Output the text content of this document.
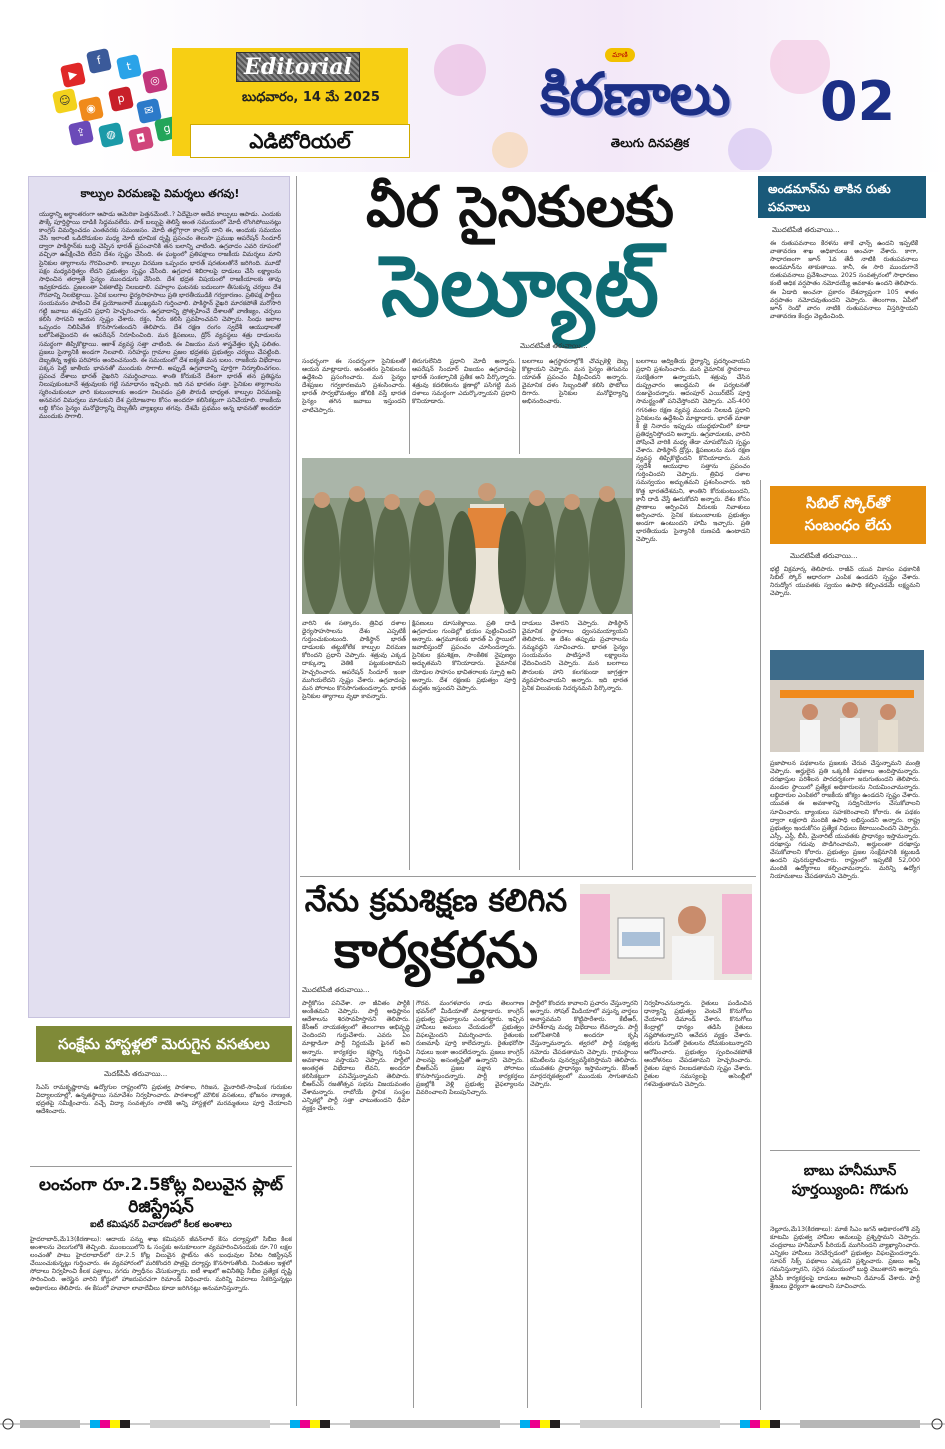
▶
f	t
◎
☺
◉
p
✉
⇪	◍	◘
g
Editorial
బుధవారం, 14 మే 2025
ఎడిటోరియల్
మాణి
కిరణాలు
తెలుగు దినపత్రిక
02
కాల్పుల విరమణపై విమర్శలు తగవు!
యుద్ధాన్ని అర్థాంతరంగా ఆపాడు అమెరికా పెత్తనమేంటి..? ఏదేమైనా అదేవ కాల్పులు ఆపాడు. ఎందుకు పౌక్కే పూర్తిస్థాయి దాడికి సిద్ధమవలేదు. పాక్ బల్బుపై తెలిస్తే అంత సమయంలో మోదీ లొంగిపోయినట్లు కాంగ్రెస్ విమర్శించడం ఎంతవరకు సమంజసం. మోదీ తల్లొగ్గారా కాంగ్రెస్ దాని ఈ, అందుకు సమయం చేసి ఇలాంటి ఒడిదొడుకుల మధ్య మోదీ భూమిక దృష్టి ప్రపంచం తెలుసా ప్రముఖ ఆపరేషన్ సిందూర్ ద్వారా పాకిస్థాన్‌కు బుద్ధి చెప్పిన భారత్ ప్రపంచానికి తన బలాన్ని చాటింది. ఉగ్రవాదం ఎవరి రూపంలో వచ్చినా ఉపేక్షించేది లేదని దేశం స్పష్టం చేసింది. ఈ ఘట్టంలో ప్రతిపక్షాలు రాజకీయ విమర్శలు మాని సైనికుల త్యాగాలను గౌరవించాలి. కాల్పుల విరమణ ఒప్పందం భారత్ షరతులతోనే జరిగింది. మూడో పక్షం మధ్యవర్తిత్వం లేదని ప్రభుత్వం స్పష్టం చేసింది. ఉగ్రవాద శిబిరాలపై దాడులు చేసి లక్ష్యాలను సాధించిన తర్వాతే సైన్యం ముందడుగు వేసింది. దేశ భద్రత విషయంలో రాజకీయాలకు తావు ఇవ్వకూడదు. ప్రజలంతా ఏకతాటిపై నిలబడాలి. పహల్గాం ఘటనకు బదులుగా తీసుకున్న చర్యలు దేశ గౌరవాన్ని నిలబెట్టాయి. సైనిక బలగాల ధైర్యసాహసాలు ప్రతి భారతీయుడికి గర్వకారణం. ప్రతిపక్ష పార్టీలు సంయమనం పాటించి దేశ ప్రయోజనాలే ముఖ్యమని గుర్తించాలి. పాకిస్థాన్ వైఖరి మారకపోతే మరోసారి గట్టి జవాబు తప్పదని ప్రధాని హెచ్చరించారు. ఉగ్రవాదాన్ని ప్రోత్సహించే దేశాలతో వాణిజ్యం, చర్చలు కలిసి సాగవని ఆయన స్పష్టం చేశారు. రక్తం, నీరు కలిసి ప్రవహించవని చెప్పారు. సింధు జలాల ఒప్పందం నిలిపివేత కొనసాగుతుందని తెలిపారు. దేశ రక్షణ రంగం స్వదేశీ ఆయుధాలతో బలోపేతమైందని ఈ ఆపరేషన్ నిరూపించింది. మన క్షిపణులు, డ్రోన్ వ్యవస్థలు శత్రు దాడులను సమర్థంగా తిప్పికొట్టాయి. ఆకాశ్ వ్యవస్థ సత్తా చాటింది. ఈ విజయం మన శాస్త్రవేత్తల కృషి ఫలితం. ప్రజలు సైన్యానికి అండగా నిలవాలి. సరిహద్దు గ్రామాల ప్రజల భద్రతకు ప్రభుత్వం చర్యలు చేపట్టింది. దెబ్బతిన్న ఇళ్లకు పరిహారం అందించనుంది. ఈ సమయంలో దేశ ఐక్యతే మన బలం. రాజకీయ విభేదాలు పక్కన పెట్టి జాతీయ భావనతో ముందుకు సాగాలి. అప్పుడే ఉగ్రవాదాన్ని పూర్తిగా నిర్మూలించగలం. ప్రపంచ దేశాలు భారత్ వైఖరిని సమర్థించాయి. శాంతి కోరుకునే దేశంగా భారత్ తన ప్రతిష్ఠను నిలుపుకుంటూనే శత్రువులకు గట్టి సమాధానం ఇచ్చింది. ఇది నవ భారతం సత్తా. సైనికుల త్యాగాలను స్మరించుకుంటూ వారి కుటుంబాలకు అండగా నిలవడం ప్రతి పౌరుడి బాధ్యత. కాల్పుల విరమణపై అనవసర విమర్శలు మానుకుని దేశ ప్రయోజనాల కోసం అందరూ కలిసికట్టుగా పనిచేయాలి. రాజకీయ లబ్ధి కోసం సైన్యం మనోధైర్యాన్ని దెబ్బతీసే వ్యాఖ్యలు తగవు. దేశమే ప్రథమం అన్న భావనతో అందరూ ముందుకు సాగాలి.
సంక్షేమ హాస్టళ్లలో మెరుగైన వసతులు
మెదక్‌పీపీ తరువాయి...
సీఎస్ రామకృష్ణారావు ఉద్యోగుల రాష్ట్రంలోని ప్రభుత్వ పాఠశాల, గిరిజన, మైనారిటీ-సాంఘిక గురుకుల విద్యాలయాల్లో, ఉన్నతస్థాయి సమావేశం నిర్వహించారు. పాఠశాలల్లో మౌలిక వసతులు, భోజనం నాణ్యత, భద్రతపై సమీక్షించారు. వచ్చే విద్యా సంవత్సరం నాటికి అన్ని హాస్టళ్లలో మరమ్మతులు పూర్తి చేయాలని ఆదేశించారు.
లంచంగా రూ.2.5కోట్ల విలువైన ప్లాట్ రిజిస్ట్రేషన్
ఐటీ కమిషనర్ విచారణలో కీలక అంశాలు
హైదరాబాద్,మే13(కిరణాలు): ఆదాయ పన్ను శాఖ కమిషనర్ జీవన్‌లాల్ కేసు దర్యాప్తులో సీబీఐ కీలక అంశాలను వెలుగులోకి తెచ్చింది. ముంబయిలోని ఓ సంస్థకు అనుకూలంగా వ్యవహరించినందుకు రూ.70 లక్షల లంచంతో పాటు హైదరాబాద్‌లో రూ.2.5 కోట్ల విలువైన ప్లాట్‌ను తన బంధువుల పేరిట రిజిస్ట్రేషన్ చేయించుకున్నట్లు గుర్తించారు. ఈ వ్యవహారంలో మరికొందరి పాత్రపై దర్యాప్తు కొనసాగుతోంది. నిందితుల ఇళ్లలో సోదాలు నిర్వహించి కీలక పత్రాలు, నగదు స్వాధీనం చేసుకున్నారు. ఐటీ శాఖలో అవినీతిపై సీబీఐ ప్రత్యేక దృష్టి సారించింది. అరెస్టైన వారిని కోర్టులో హాజరుపరచగా రిమాండ్ విధించారు. మరిన్ని వివరాలు సేకరిస్తున్నట్లు అధికారులు తెలిపారు. ఈ కేసులో హవాలా లావాదేవీలు కూడా జరిగినట్లు అనుమానిస్తున్నారు.
వీర సైనికులకు
సెల్యూట్
మొదటిపేజీ తరువాయి...
సంధర్భంగా ఈ సందర్భంగా సైనికులతో ఆయన మాట్లాడారు. అనంతరం సైనికులను ఉద్దేశించి ప్రసంగించారు. మన సైన్యం దేశప్రజల గర్వకారణమని ప్రశంసించారు. భారత్ సార్వభౌమత్వం జోలికి వస్తే భారత సైన్యం తగిన జవాబు ఇస్తుందని చాటిచెప్పారు.
తిరుగులేనిది ప్రధాని మోదీ అన్నారు. ఆపరేషన్ సిందూర్ విజయం ఉగ్రవాదంపై భారత్ సంకల్పానికి ప్రతీక అని పేర్కొన్నారు. శత్రువు కదలికలను క్షణాల్లో పసిగట్టి మన దళాలు సమర్థంగా ఎదుర్కొన్నాయని ప్రధాని కొనియాడారు.
బలగాలు ఉగ్రస్థావరాల్లోకి చొచ్చుకెళ్లి దెబ్బ కొట్టాయని చెప్పారు. మన సైన్యం తెగువను యావత్ ప్రపంచం వీక్షించిందని అన్నారు. వైమానిక దళం సిబ్బందితో కలిసి ఫొటోలు దిగారు. సైనికుల మనోధైర్యాన్ని అభినందించారు.
బలగాలు అద్వితీయ ధైర్యాన్ని ప్రదర్శించాయని ప్రధాని ప్రశంసించారు. మన వైమానిక స్థావరాలు సురక్షితంగా ఉన్నాయని, శత్రువు చేసిన దుష్ప్రచారం అబద్ధమని ఈ పర్యటనతో రుజువైందన్నారు. ఆదంపూర్ ఎయిర్‌బేస్ పూర్తి సామర్థ్యంతో పనిచేస్తోందని చెప్పారు. ఎస్-400 గగనతల రక్షణ వ్యవస్థ ముందు నిలబడి ప్రధాని సైనికులను ఉద్దేశించి మాట్లాడారు. భారత్ మాతా కీ జై నినాదం ఇప్పుడు యుద్ధభూమిలో కూడా ప్రతిధ్వనిస్తోందని అన్నారు. ఉగ్రవాదులకు, వారిని పోషించే వారికి మధ్య తేడా చూపబోమని స్పష్టం చేశారు. పాకిస్థాన్ డ్రోన్లు, క్షిపణులను మన రక్షణ వ్యవస్థ తిప్పికొట్టిందని కొనియాడారు. మన స్వదేశీ ఆయుధాల సత్తాను ప్రపంచం గుర్తించిందని చెప్పారు. త్రివిధ దళాల సమన్వయం అద్భుతమని ప్రశంసించారు. ఇది కొత్త భారతదేశమని, శాంతిని కోరుకుంటుందని, కానీ దాడి చేస్తే ఊరుకోదని అన్నారు. దేశం కోసం ప్రాణాలు అర్పించిన వీరులకు నివాళులు అర్పించారు. సైనిక కుటుంబాలకు ప్రభుత్వం అండగా ఉంటుందని హామీ ఇచ్చారు. ప్రతి భారతీయుడు సైన్యానికి రుణపడి ఉంటాడని చెప్పారు.
వారిని ఈ సత్కారం. త్రివిధ దళాల ధైర్యసాహసాలను దేశం ఎప్పటికీ గుర్తుంచుకుంటుంది. పాకిస్థాన్ భారత్ దాడులకు తట్టుకోలేక కాల్పుల విరమణ కోరిందని ప్రధాని చెప్పారు. శత్రువు ఎక్కడ దాక్కున్నా వెతికి పట్టుకుంటామని హెచ్చరించారు. ఆపరేషన్ సిందూర్ ఇంకా ముగియలేదని స్పష్టం చేశారు. ఉగ్రవాదంపై మన పోరాటం కొనసాగుతుందన్నారు. భారత సైనికుల త్యాగాలు వృథా కావన్నారు.
క్షిపణులు దూసుకెళ్లాయి. ప్రతి దాడి ఉగ్రవాదుల గుండెల్లో భయం పుట్టించిందని అన్నారు. ఉగ్రమూకలకు భారత్ ఏ స్థాయిలో జవాబిస్తుందో ప్రపంచం చూసిందన్నారు. సైనికుల క్రమశిక్షణ, సాంకేతిక నైపుణ్యం అద్భుతమని కొనియాడారు. వైమానిక యోధుల సాహసం భావితరాలకు స్ఫూర్తి అని అన్నారు. దేశ రక్షణకు ప్రభుత్వం పూర్తి మద్దతు ఇస్తుందని చెప్పారు.
దాడులు చేశారని చెప్పారు. పాకిస్థాన్ వైమానిక స్థావరాలు ధ్వంసమయ్యాయని తెలిపారు. ఆ దేశం తప్పుడు ప్రచారాలను నమ్మవద్దని సూచించారు. భారత సైన్యం సంయమనం పాటిస్తూనే లక్ష్యాలను ఛేదించిందని చెప్పారు. మన బలగాలు పౌరులకు హాని కలగకుండా జాగ్రత్తగా వ్యవహరించాయని అన్నారు. ఇది భారత సైనిక విలువలకు నిదర్శనమని పేర్కొన్నారు.
నేను క్రమశిక్షణ కలిగిన
కార్యకర్తను
మొదటిపేజీ తరువాయి...
పార్టీకోసం పనిచేశా. నా జీవితం పార్టీకి అంకితమని చెప్పారు. పార్టీ అధిష్టానం ఆదేశాలను శిరసావహిస్తానని తెలిపారు. కేసీఆర్ నాయకత్వంలో తెలంగాణ అభివృద్ధి చెందిందని గుర్తుచేశారు. ఎవరు ఏం మాట్లాడినా పార్టీ నిర్ణయమే ఫైనల్ అని అన్నారు. కార్యకర్తల కష్టాన్ని గుర్తించి అవకాశాలు వస్తాయని చెప్పారు. పార్టీలో అంతర్గత విభేదాలు లేవని, అందరూ కలిసికట్టుగా పనిచేస్తున్నామని తెలిపారు. బీఆర్ఎస్ రజతోత్సవ సభను విజయవంతం చేశామన్నారు. రాబోయే స్థానిక సంస్థల ఎన్నికల్లో పార్టీ సత్తా చాటుతుందని ధీమా వ్యక్తం చేశారు.
గౌరవ. మంగళవారం నాడు తెలంగాణ భవన్‌లో మీడియాతో మాట్లాడారు. కాంగ్రెస్ ప్రభుత్వ వైఫల్యాలను ఎండగట్టారు. ఇచ్చిన హామీలు అమలు చేయడంలో ప్రభుత్వం విఫలమైందని విమర్శించారు. రైతులకు రుణమాఫీ పూర్తి కాలేదన్నారు. రైతుభరోసా నిధులు ఇంకా అందలేదన్నారు. ప్రజలు కాంగ్రెస్ పాలనపై అసంతృప్తితో ఉన్నారని చెప్పారు. బీఆర్ఎస్ ప్రజల పక్షాన పోరాటం కొనసాగిస్తుందన్నారు. పార్టీ కార్యకర్తలు ప్రజల్లోకి వెళ్లి ప్రభుత్వ వైఫల్యాలను వివరించాలని పిలుపునిచ్చారు.
పార్టీలో కొందరు కావాలని ప్రచారం చేస్తున్నారని అన్నారు. సోషల్ మీడియాలో వస్తున్న వార్తలు అవాస్తవమని కొట్టిపారేశారు. కేటీఆర్, హరీశ్‌రావు మధ్య విభేదాలు లేవన్నారు. పార్టీ బలోపేతానికి అందరూ కృషి చేస్తున్నామన్నారు. త్వరలో పార్టీ సభ్యత్వ నమోదు చేపడతామని చెప్పారు. గ్రామస్థాయి కమిటీలను పునర్వ్యవస్థీకరిస్తామని తెలిపారు. యువతకు ప్రాధాన్యం ఇస్తామన్నారు. కేసీఆర్ మార్గదర్శకత్వంలో ముందుకు సాగుతామని చెప్పారు.
నిర్వహించనున్నారు. రైతులు పండించిన ధాన్యాన్ని ప్రభుత్వం వెంటనే కొనుగోలు చేయాలని డిమాండ్ చేశారు. కొనుగోలు కేంద్రాల్లో ధాన్యం తడిసి రైతులు నష్టపోతున్నారని ఆవేదన వ్యక్తం చేశారు. తరుగు పేరుతో రైతులను దోచుకుంటున్నారని ఆరోపించారు. ప్రభుత్వం స్పందించకపోతే ఆందోళనలు చేపడతామని హెచ్చరించారు. రైతుల పక్షాన నిలబడతామని స్పష్టం చేశారు. రైతుల సమస్యలపై అసెంబ్లీలో గళమెత్తుతామని చెప్పారు.
అండమాన్‌ను తాకిన రుతు పవనాలు
మొదటిపేజీ తరువాయి...
ఈ రుతుపవనాలు కేరళను తాకే ఛాన్స్ ఉందని ఇప్పటికే వాతావరణ శాఖ అధికారులు అంచనా వేశారు. కాగా, సాధారణంగా జూన్ 1వ తేదీ నాటికి రుతుపవనాలు అండమాన్‌ను తాకుతాయి. కానీ, ఈ సారి ముందుగానే రుతుపవనాలు ప్రవేశించాయి. 2025 సంవత్సరంలో సాధారణం కంటే అధిక వర్షపాతం నమోదయ్యే అవకాశం ఉందని తెలిపారు. ఈ ఏడాది అంచనా ప్రకారం దేశవ్యాప్తంగా 105 శాతం వర్షపాతం నమోదవుతుందని చెప్పారు. తెలంగాణ, ఏపీలో జూన్ రెండో వారం నాటికి రుతుపవనాలు విస్తరిస్తాయని వాతావరణ కేంద్రం వెల్లడించింది.
సిబిల్ స్కోర్‌తో సంబంధం లేదు
మొదటిపేజీ తరువాయి...
భట్టి విక్రమార్క తెలిపారు. రాజీవ్ యువ వికాసం పథకానికి సిబిల్ స్కోర్ ఆధారంగా ఎంపిక ఉండదని స్పష్టం చేశారు. నిరుద్యోగ యువతకు స్వయం ఉపాధి కల్పించడమే లక్ష్యమని చెప్పారు.
ప్రజాపాలన పథకాలను ప్రజలకు చేరువ చేస్తున్నామని మంత్రి చెప్పారు. అర్హులైన ప్రతి ఒక్కరికీ పథకాలు అందిస్తామన్నారు. దరఖాస్తుల పరిశీలన పారదర్శకంగా జరుగుతుందని తెలిపారు. మండల స్థాయిలో ప్రత్యేక అధికారులను నియమించామన్నారు. లబ్ధిదారుల ఎంపికలో రాజకీయ జోక్యం ఉండదని స్పష్టం చేశారు. యువత ఈ అవకాశాన్ని సద్వినియోగం చేసుకోవాలని సూచించారు. బ్యాంకులు సహకరించాలని కోరారు. ఈ పథకం ద్వారా లక్షలాది మందికి ఉపాధి లభిస్తుందని అన్నారు. రాష్ట్ర ప్రభుత్వం ఇందుకోసం ప్రత్యేక నిధులు కేటాయించిందని చెప్పారు. ఎస్సీ, ఎస్టీ, బీసీ, మైనారిటీ యువతకు ప్రాధాన్యం ఇస్తామన్నారు. దరఖాస్తు గడువు పొడిగించామని, అర్హులంతా దరఖాస్తు చేసుకోవాలని కోరారు. ప్రభుత్వం ప్రజల సంక్షేమానికి కట్టుబడి ఉందని పునరుద్ఘాటించారు. రాష్ట్రంలో ఇప్పటికే 52,000 మందికి ఉద్యోగాలు కల్పించామన్నారు. మరిన్ని ఉద్యోగ నియామకాలు చేపడతామని చెప్పారు.
బాబు హనీమూన్ పూర్తయ్యింది: గొడుగు
నెల్లూరు,మే13(కిరణాలు): మాజీ సీఎం జగన్ అధికారంలోకి వస్తే కూటమి ప్రభుత్వ హామీల అమలుపై ప్రశ్నిస్తామని చెప్పారు. చంద్రబాబు హనీమూన్ పీరియడ్ ముగిసిందని వ్యాఖ్యానించారు. ఎన్నికల హామీలు నెరవేర్చడంలో ప్రభుత్వం విఫలమైందన్నారు. సూపర్ సిక్స్ పథకాలు ఎక్కడని ప్రశ్నించారు. ప్రజలు అన్నీ గమనిస్తున్నారని, సరైన సమయంలో బుద్ధి చెబుతారని అన్నారు. వైసీపీ కార్యకర్తలపై దాడులు ఆపాలని డిమాండ్ చేశారు. పార్టీ శ్రేణులు ధైర్యంగా ఉండాలని సూచించారు.
